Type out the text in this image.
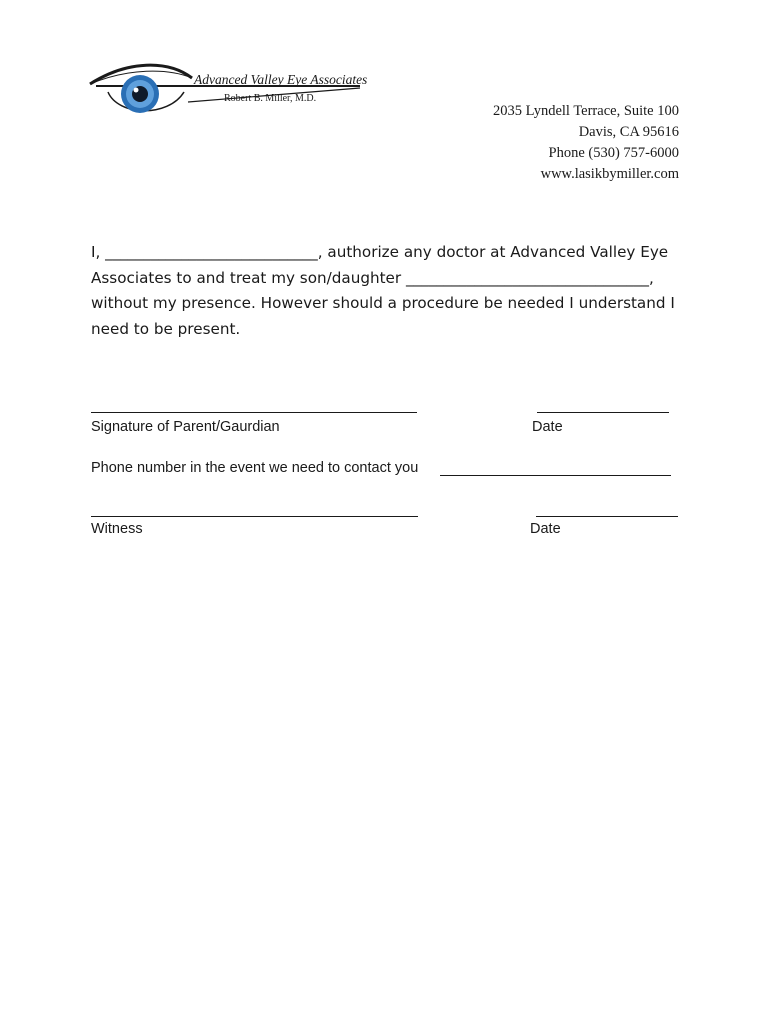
Advanced Valley Eye Associates
Robert B. Miller, M.D.
2035 Lyndell Terrace, Suite 100
Davis, CA 95616
Phone (530) 757-6000
www.lasikbymiller.com
I, ____________________________, authorize any doctor at Advanced Valley Eye
Associates to and treat my son/daughter ________________________________,
without my presence. However should a procedure be needed I understand I
need to be present.
Signature of Parent/Gaurdian	Date
Phone number in the event we need to contact you
Witness	Date
